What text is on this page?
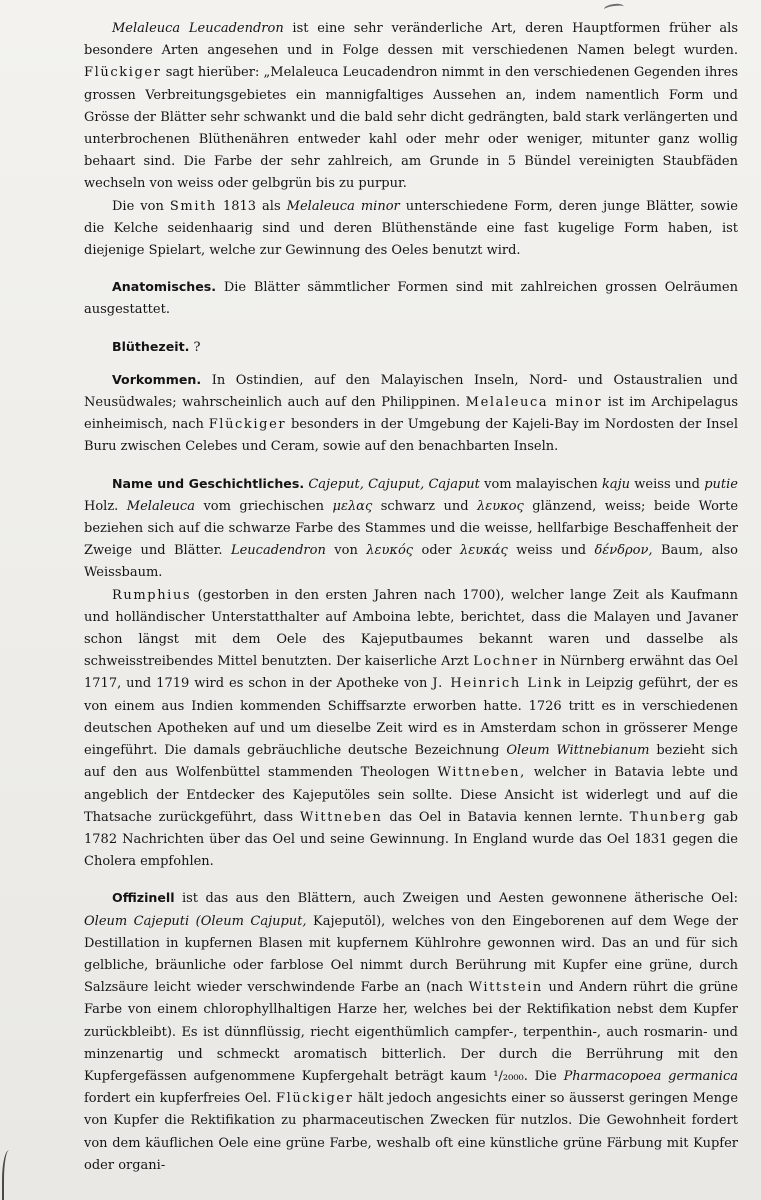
Melaleuca Leucadendron ist eine sehr veränderliche Art, deren Hauptformen früher als besondere Arten angesehen und in Folge dessen mit verschiedenen Namen belegt wurden. Flückiger sagt hierüber: „Melaleuca Leucadendron nimmt in den verschiedenen Gegenden ihres grossen Verbreitungsgebietes ein mannigfaltiges Aussehen an, indem namentlich Form und Grösse der Blätter sehr schwankt und die bald sehr dicht gedrängten, bald stark verlängerten und unterbrochenen Blüthenähren entweder kahl oder mehr oder weniger, mitunter ganz wollig behaart sind. Die Farbe der sehr zahlreich, am Grunde in 5 Bündel vereinigten Staubfäden wechseln von weiss oder gelbgrün bis zu purpur.

Die von Smith 1813 als Melaleuca minor unterschiedene Form, deren junge Blätter, sowie die Kelche seidenhaarig sind und deren Blüthenstände eine fast kugelige Form haben, ist diejenige Spielart, welche zur Gewinnung des Oeles benutzt wird.

Anatomisches. Die Blätter sämmtlicher Formen sind mit zahlreichen grossen Oelräumen ausgestattet.

Blüthezeit. ?

Vorkommen. In Ostindien, auf den Malayischen Inseln, Nord- und Ostaustralien und Neusüdwales; wahrscheinlich auch auf den Philippinen. Melaleuca minor ist im Archipelagus einheimisch, nach Flückiger besonders in der Umgebung der Kajeli-Bay im Nordosten der Insel Buru zwischen Celebes und Ceram, sowie auf den benachbarten Inseln.

Name und Geschichtliches. Cajeput, Cajuput, Cajaput vom malayischen kaju weiss und putie Holz. Melaleuca vom griechischen μελας schwarz und λευκος glänzend, weiss; beide Worte beziehen sich auf die schwarze Farbe des Stammes und die weisse, hellfarbige Beschaffenheit der Zweige und Blätter. Leucadendron von λευκός oder λευκάς weiss und δένδρον, Baum, also Weissbaum.

Rumphius (gestorben in den ersten Jahren nach 1700), welcher lange Zeit als Kaufmann und holländischer Unterstatthalter auf Amboina lebte, berichtet, dass die Malayen und Javaner schon längst mit dem Oele des Kajeputbaumes bekannt waren und dasselbe als schweisstreibendes Mittel benutzten. Der kaiserliche Arzt Lochner in Nürnberg erwähnt das Oel 1717, und 1719 wird es schon in der Apotheke von J. Heinrich Link in Leipzig geführt, der es von einem aus Indien kommenden Schiffsarzte erworben hatte. 1726 tritt es in verschiedenen deutschen Apotheken auf und um dieselbe Zeit wird es in Amsterdam schon in grösserer Menge eingeführt. Die damals gebräuchliche deutsche Bezeichnung Oleum Wittnebianum bezieht sich auf den aus Wolfenbüttel stammenden Theologen Wittneben, welcher in Batavia lebte und angeblich der Entdecker des Kajeputöles sein sollte. Diese Ansicht ist widerlegt und auf die Thatsache zurückgeführt, dass Wittneben das Oel in Batavia kennen lernte. Thunberg gab 1782 Nachrichten über das Oel und seine Gewinnung. In England wurde das Oel 1831 gegen die Cholera empfohlen.

Offizinell ist das aus den Blättern, auch Zweigen und Aesten gewonnene ätherische Oel: Oleum Cajeputi (Oleum Cajuput, Kajeputöl), welches von den Eingeborenen auf dem Wege der Destillation in kupfernen Blasen mit kupfernem Kühlrohre gewonnen wird. Das an und für sich gelbliche, bräunliche oder farblose Oel nimmt durch Berührung mit Kupfer eine grüne, durch Salzsäure leicht wieder verschwindende Farbe an (nach Wittstein und Andern rührt die grüne Farbe von einem chlorophyllhaltigen Harze her, welches bei der Rektifikation nebst dem Kupfer zurückbleibt). Es ist dünnflüssig, riecht eigenthümlich campfer-, terpenthin-, auch rosmarin- und minzenartig und schmeckt aromatisch bitterlich. Der durch die Berrührung mit den Kupfergefässen aufgenommene Kupfergehalt beträgt kaum ¹/₂₀₀₀. Die Pharmacopoea germanica fordert ein kupferfreies Oel. Flückiger hält jedoch angesichts einer so äusserst geringen Menge von Kupfer die Rektifikation zu pharmaceutischen Zwecken für nutzlos. Die Gewohnheit fordert von dem käuflichen Oele eine grüne Farbe, weshalb oft eine künstliche grüne Färbung mit Kupfer oder organi-
